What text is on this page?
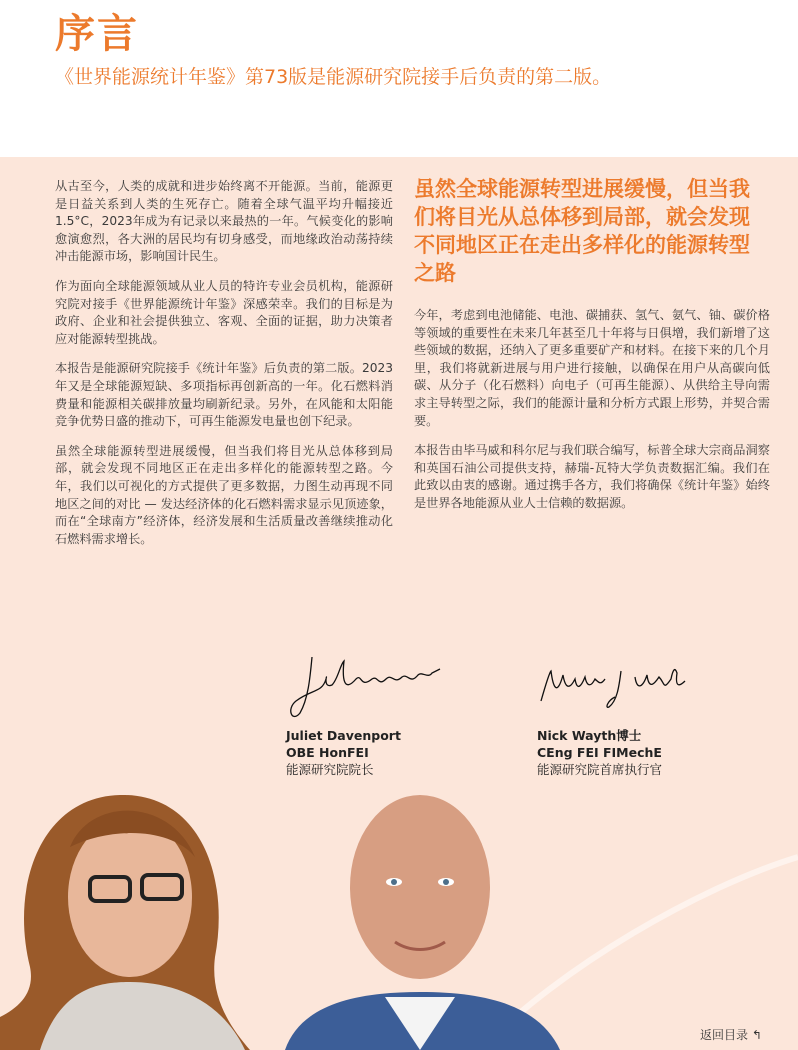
序言
《世界能源统计年鉴》第73版是能源研究院接手后负责的第二版。

从古至今，人类的成就和进步始终离不开能源。当前，能源更是日益关系到人类的生死存亡。随着全球气温平均升幅接近1.5°C，2023年成为有记录以来最热的一年。气候变化的影响愈演愈烈，各大洲的居民均有切身感受，而地缘政治动荡持续冲击能源市场，影响国计民生。

作为面向全球能源领域从业人员的特许专业会员机构，能源研究院对接手《世界能源统计年鉴》深感荣幸。我们的目标是为政府、企业和社会提供独立、客观、全面的证据，助力决策者应对能源转型挑战。

本报告是能源研究院接手《统计年鉴》后负责的第二版。2023年又是全球能源短缺、多项指标再创新高的一年。化石燃料消费量和能源相关碳排放量均刷新纪录。另外，在风能和太阳能竞争优势日盛的推动下，可再生能源发电量也创下纪录。

虽然全球能源转型进展缓慢，但当我们将目光从总体移到局部，就会发现不同地区正在走出多样化的能源转型之路。今年，我们以可视化的方式提供了更多数据，力图生动再现不同地区之间的对比 — 发达经济体的化石燃料需求显示见顶迹象，而在“全球南方”经济体，经济发展和生活质量改善继续推动化石燃料需求增长。

虽然全球能源转型进展缓慢，但当我们将目光从总体移到局部，就会发现不同地区正在走出多样化的能源转型之路

今年，考虑到电池储能、电池、碳捕获、氢气、氨气、铀、碳价格等领域的重要性在未来几年甚至几十年将与日俱增，我们新增了这些领域的数据，还纳入了更多重要矿产和材料。在接下来的几个月里，我们将就新进展与用户进行接触，以确保在用户从高碳向低碳、从分子（化石燃料）向电子（可再生能源）、从供给主导向需求主导转型之际，我们的能源计量和分析方式跟上形势，并契合需要。

本报告由毕马威和科尔尼与我们联合编写，标普全球大宗商品洞察和英国石油公司提供支持，赫瑞-瓦特大学负责数据汇编。我们在此致以由衷的感谢。通过携手各方，我们将确保《统计年鉴》始终是世界各地能源从业人士信赖的数据源。

Juliet Davenport
OBE HonFEI
能源研究院院长
Nick Wayth博士
CEng FEI FIMechE
能源研究院首席执行官
返回目录 ↰
